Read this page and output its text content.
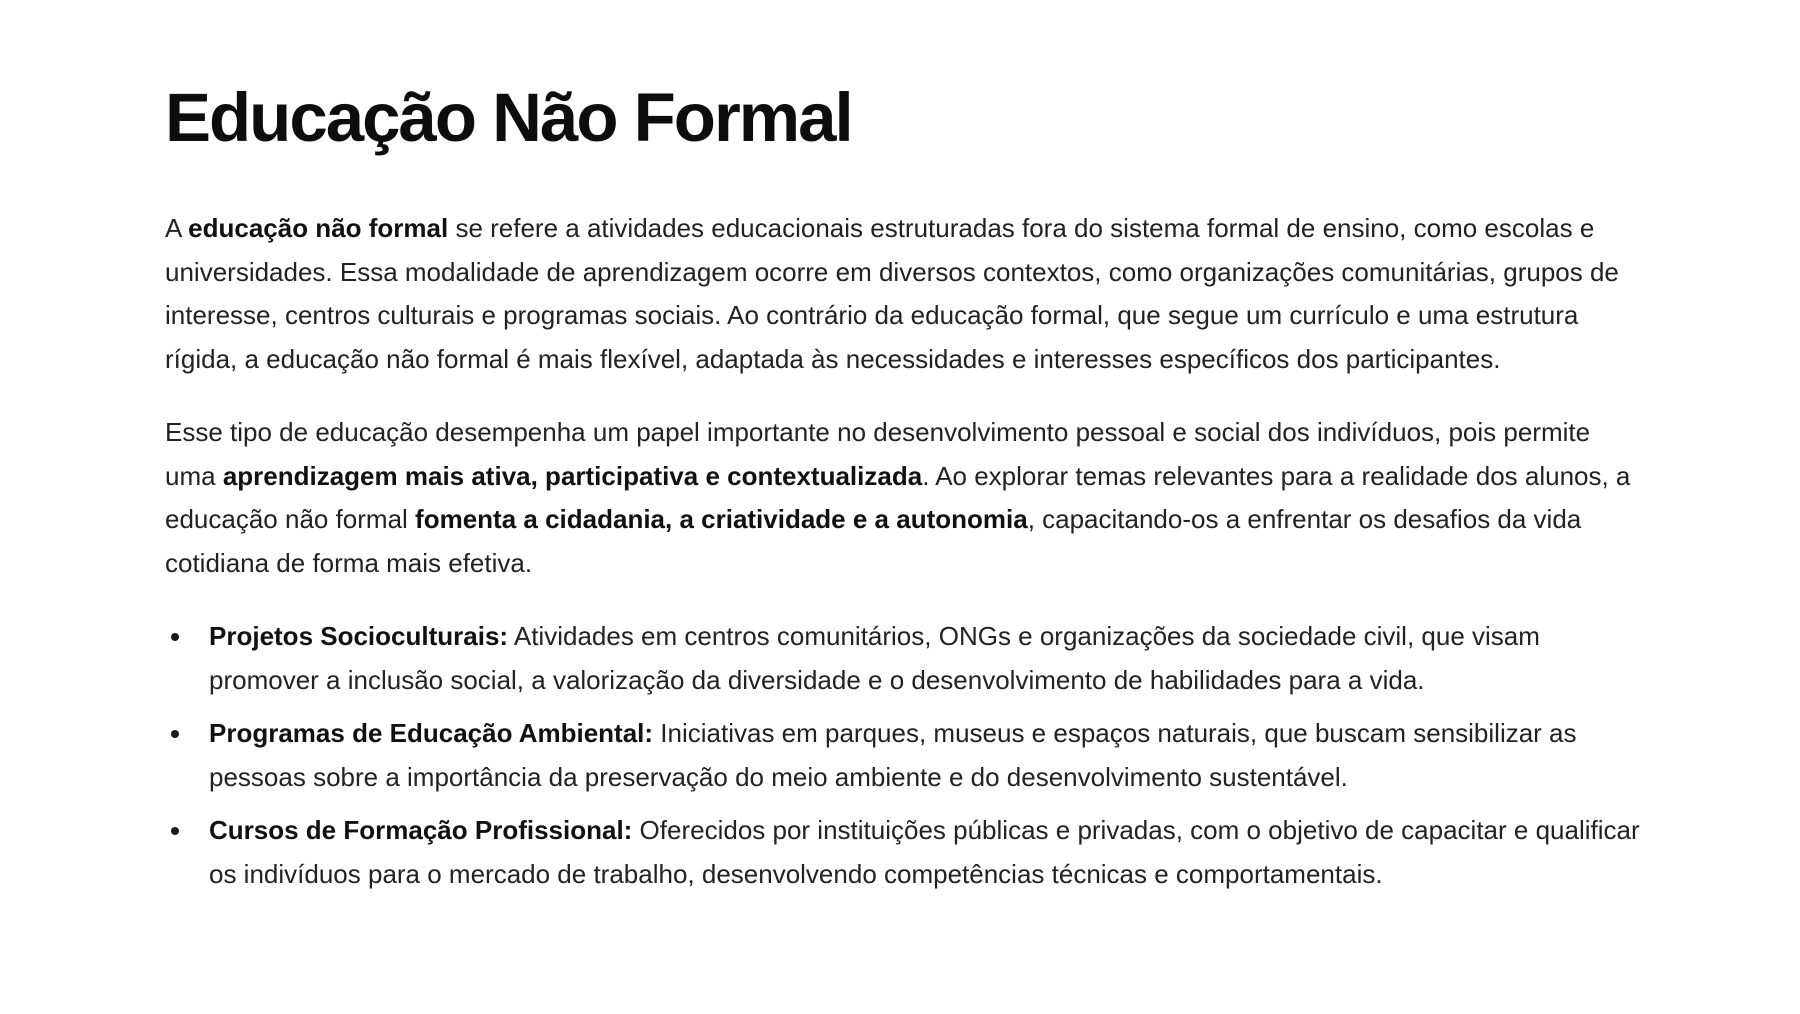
Educação Não Formal

A educação não formal se refere a atividades educacionais estruturadas fora do sistema formal de ensino, como escolas e universidades. Essa modalidade de aprendizagem ocorre em diversos contextos, como organizações comunitárias, grupos de interesse, centros culturais e programas sociais. Ao contrário da educação formal, que segue um currículo e uma estrutura rígida, a educação não formal é mais flexível, adaptada às necessidades e interesses específicos dos participantes.

Esse tipo de educação desempenha um papel importante no desenvolvimento pessoal e social dos indivíduos, pois permite uma aprendizagem mais ativa, participativa e contextualizada. Ao explorar temas relevantes para a realidade dos alunos, a educação não formal fomenta a cidadania, a criatividade e a autonomia, capacitando-os a enfrentar os desafios da vida cotidiana de forma mais efetiva.

Projetos Socioculturais: Atividades em centros comunitários, ONGs e organizações da sociedade civil, que visam promover a inclusão social, a valorização da diversidade e o desenvolvimento de habilidades para a vida.
Programas de Educação Ambiental: Iniciativas em parques, museus e espaços naturais, que buscam sensibilizar as pessoas sobre a importância da preservação do meio ambiente e do desenvolvimento sustentável.
Cursos de Formação Profissional: Oferecidos por instituições públicas e privadas, com o objetivo de capacitar e qualificar os indivíduos para o mercado de trabalho, desenvolvendo competências técnicas e comportamentais.
